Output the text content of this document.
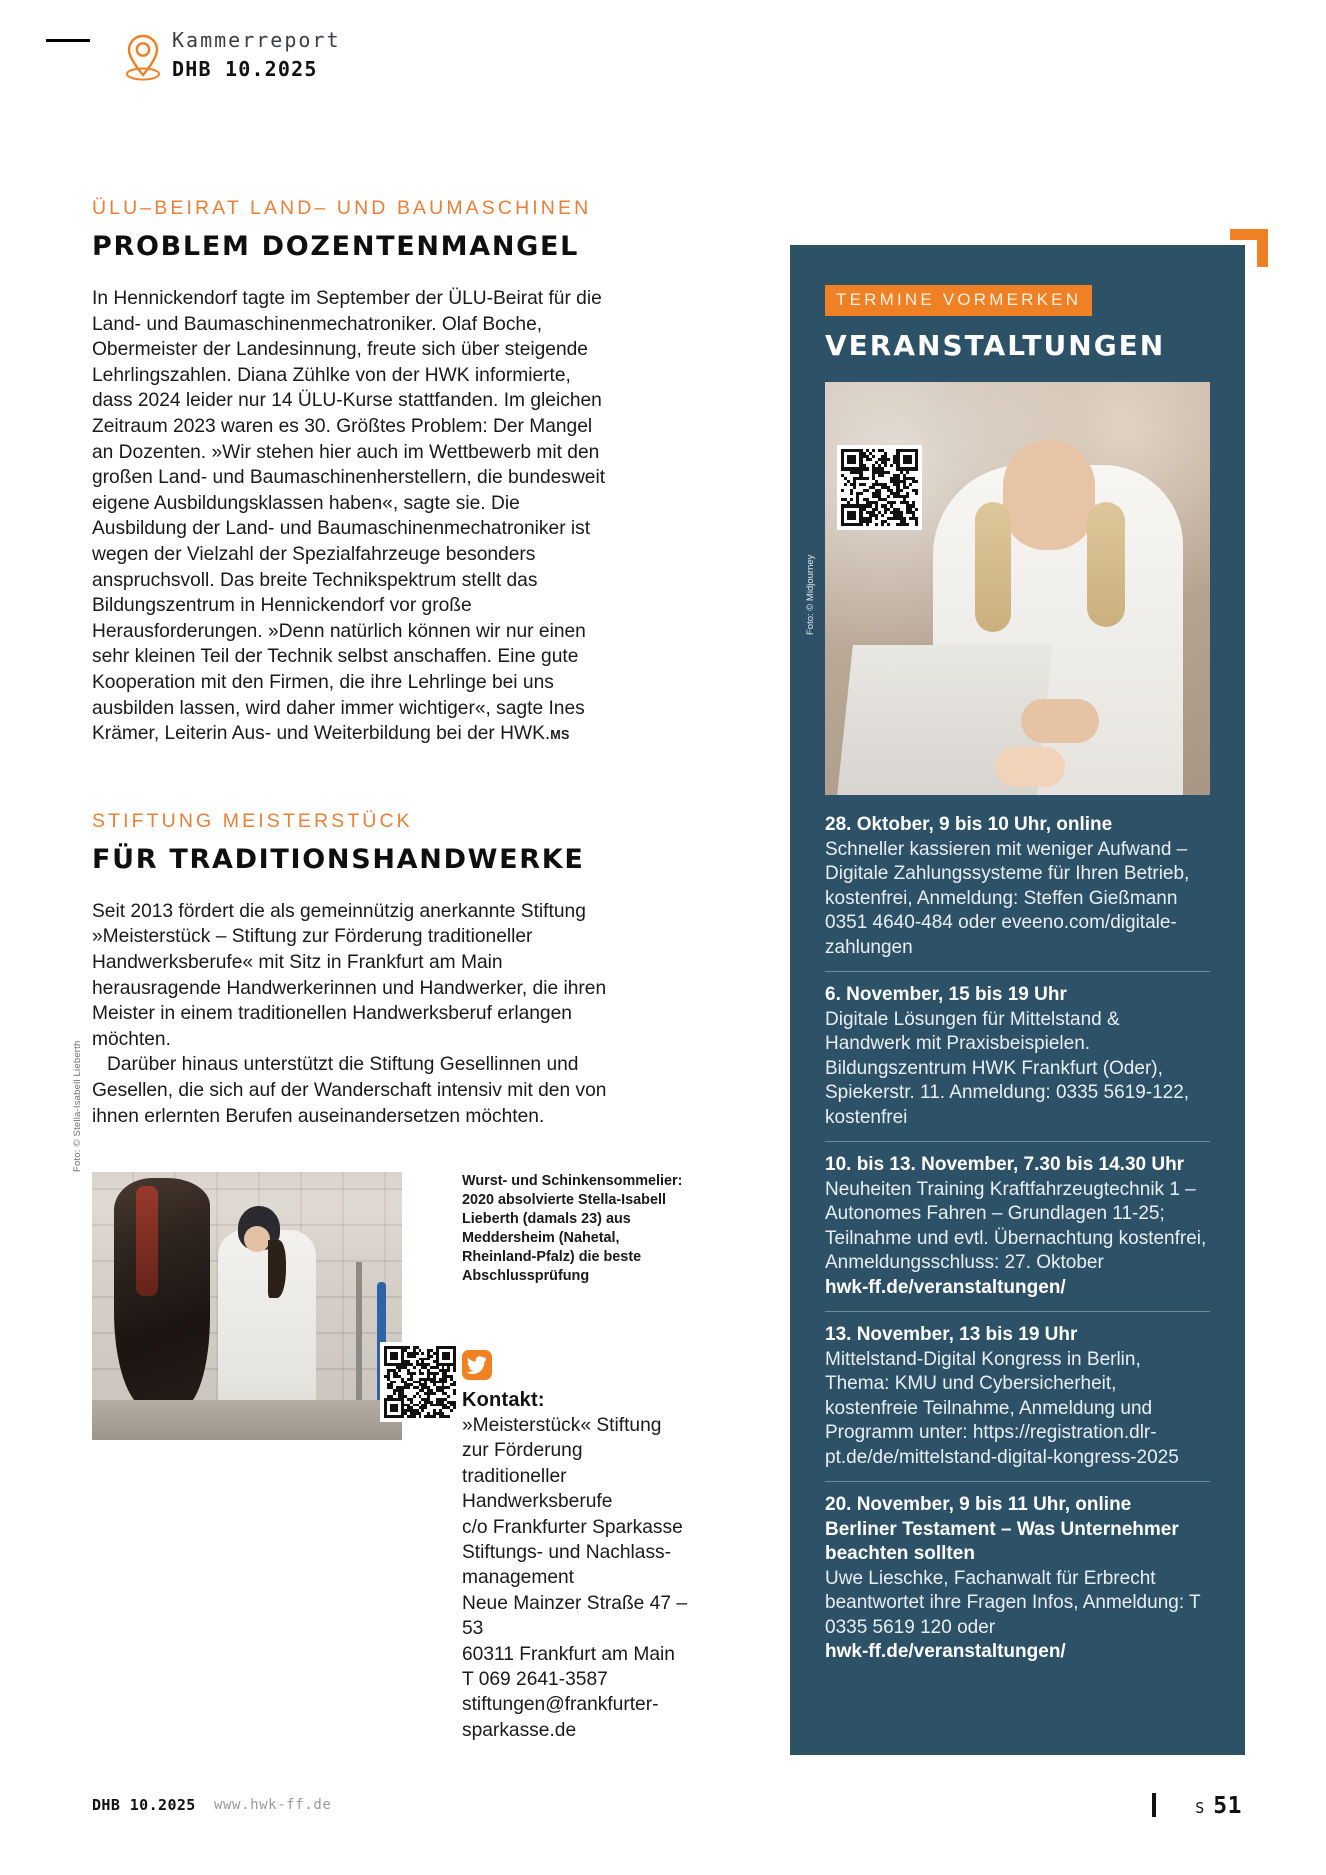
Kammerreport
DHB 10.2025
ÜLU–BEIRAT LAND– UND BAUMASCHINEN
PROBLEM DOZENTENMANGEL

In Hennickendorf tagte im September der ÜLU-Beirat für die Land- und Baumaschinenmechatroniker. Olaf Boche, Obermeister der Landesinnung, freute sich über steigende Lehrlingszahlen. Diana Zühlke von der HWK informierte, dass 2024 leider nur 14 ÜLU-Kurse stattfanden. Im gleichen Zeitraum 2023 waren es 30. Größtes Problem: Der Mangel an Dozenten. »Wir stehen hier auch im Wettbewerb mit den großen Land- und Baumaschinenherstellern, die bundesweit eigene Ausbildungsklassen haben«, sagte sie. Die Ausbildung der Land- und Baumaschinenmechatroniker ist wegen der Vielzahl der Spezialfahrzeuge besonders anspruchsvoll. Das breite Technikspektrum stellt das Bildungszentrum in Hennickendorf vor große Herausforderungen. »Denn natürlich können wir nur einen sehr kleinen Teil der Technik selbst anschaffen. Eine gute Kooperation mit den Firmen, die ihre Lehrlinge bei uns ausbilden lassen, wird daher immer wichtiger«, sagte Ines Krämer, Leiterin Aus- und Weiterbildung bei der HWK.MS

STIFTUNG MEISTERSTÜCK
FÜR TRADITIONSHANDWERKE

Seit 2013 fördert die als gemeinnützig anerkannte Stiftung »Meisterstück – Stiftung zur Förderung traditioneller Handwerksberufe« mit Sitz in Frankfurt am Main herausragende Handwerkerinnen und Handwerker, die ihren Meister in einem traditionellen Handwerksberuf erlangen möchten.

Darüber hinaus unterstützt die Stiftung Gesellinnen und Gesellen, die sich auf der Wanderschaft intensiv mit den von ihnen erlernten Berufen auseinandersetzen möchten.

Foto: © Stella-Isabell Lieberth
Wurst- und Schinkensommelier: 2020 absolvierte Stella-Isabell Lieberth (damals 23) aus Meddersheim (Nahetal, Rheinland-Pfalz) die beste Abschlussprüfung
Kontakt:
»Meisterstück« Stiftung
zur Förderung traditioneller
Handwerksberufe
c/o Frankfurter Sparkasse
Stiftungs- und Nachlass-
management
Neue Mainzer Straße 47 – 53
60311 Frankfurt am Main
T 069 2641-3587
stiftungen@frankfurter-
sparkasse.de
TERMINE VORMERKEN
VERANSTALTUNGEN
Foto: © Midjourney
28. Oktober, 9 bis 10 Uhr, online
Schneller kassieren mit weniger Aufwand – Digitale Zahlungssysteme für Ihren Betrieb, kostenfrei, Anmeldung: Steffen Gießmann 0351 4640-484 oder eveeno.com/digitale-zahlungen
6. November, 15 bis 19 Uhr
Digitale Lösungen für Mittelstand & Handwerk mit Praxisbeispielen. Bildungszentrum HWK Frankfurt (Oder), Spiekerstr. 11. Anmeldung: 0335 5619-122, kostenfrei
10. bis 13. November, 7.30 bis 14.30 Uhr
Neuheiten Training Kraftfahrzeugtechnik 1 – Autonomes Fahren – Grundlagen 11-25; Teilnahme und evtl. Übernachtung kostenfrei, Anmeldungsschluss: 27. Oktober
hwk-ff.de/veranstaltungen/
13. November, 13 bis 19 Uhr
Mittelstand-Digital Kongress in Berlin, Thema: KMU und Cybersicherheit, kostenfreie Teilnahme, Anmeldung und Programm unter: https://registration.dlr-pt.de/de/mittelstand-digital-kongress-2025
20. November, 9 bis 11 Uhr, online
Berliner Testament – Was Unternehmer beachten sollten
Uwe Lieschke, Fachanwalt für Erbrecht beantwortet ihre Fragen Infos, Anmeldung: T 0335 5619 120 oder
hwk-ff.de/veranstaltungen/
DHB 10.2025 www.hwk-ff.de	S 51
